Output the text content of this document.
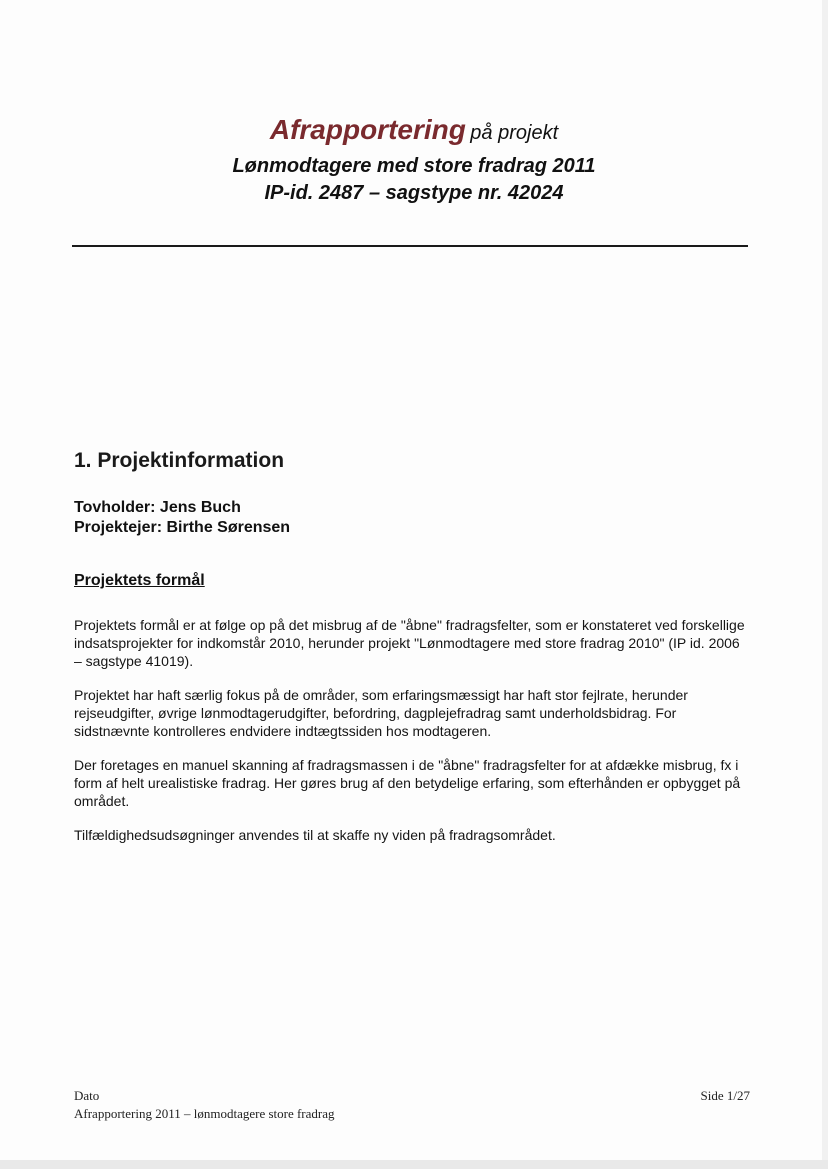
Afrapportering på projekt
Lønmodtagere med store fradrag 2011
IP-id. 2487 – sagstype nr. 42024
1. Projektinformation
Tovholder: Jens Buch
Projektejer: Birthe Sørensen
Projektets formål

Projektets formål er at følge op på det misbrug af de "åbne" fradragsfelter, som er konstateret ved forskellige indsatsprojekter for indkomstår 2010, herunder projekt "Lønmodtagere med store fradrag 2010" (IP id. 2006 – sagstype 41019).

Projektet har haft særlig fokus på de områder, som erfaringsmæssigt har haft stor fejlrate, herunder rejseudgifter, øvrige lønmodtagerudgifter, befordring, dagplejefradrag samt underholdsbidrag. For sidstnævnte kontrolleres endvidere indtægtssiden hos modtageren.

Der foretages en manuel skanning af fradragsmassen i de "åbne" fradragsfelter for at afdække misbrug, fx i form af helt urealistiske fradrag. Her gøres brug af den betydelige erfaring, som efterhånden er opbygget på området.

Tilfældighedsudsøgninger anvendes til at skaffe ny viden på fradragsområdet.

Dato
Afrapportering 2011 – lønmodtagere store fradrag
Side 1/27
